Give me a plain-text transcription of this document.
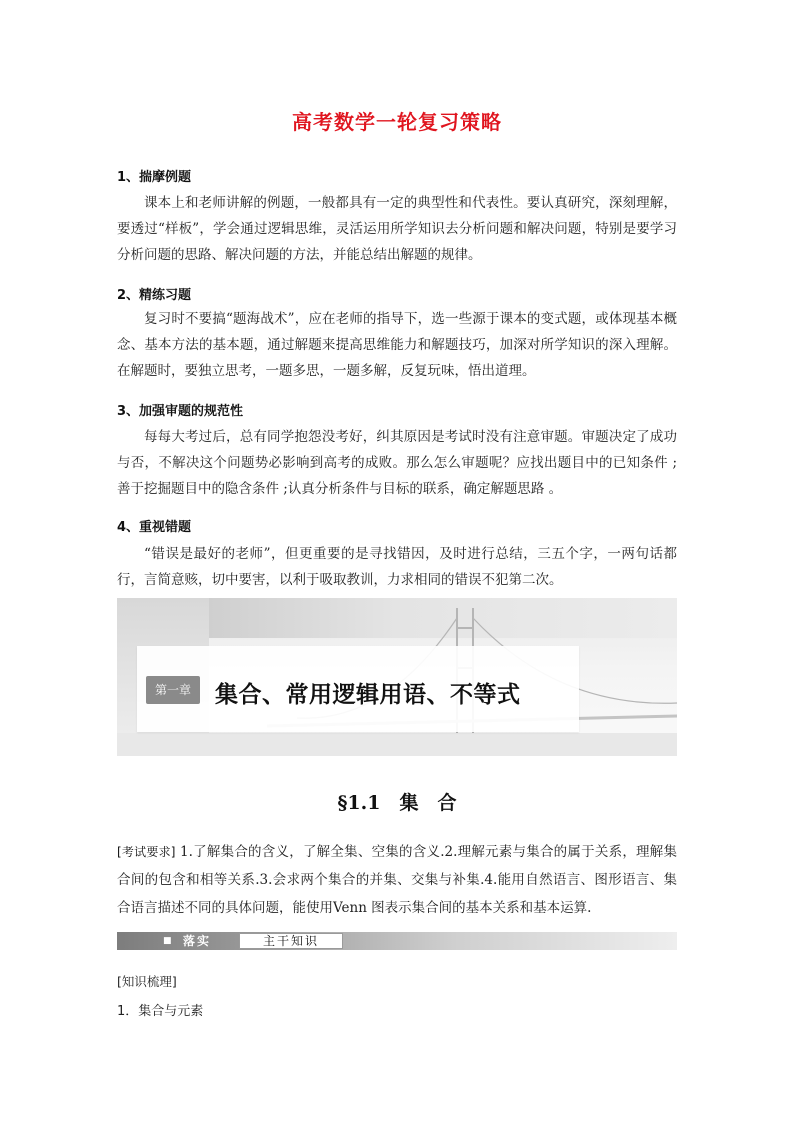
高考数学一轮复习策略
1、揣摩例题
课本上和老师讲解的例题，一般都具有一定的典型性和代表性。要认真研究，深刻理解，要透过“样板”，学会通过逻辑思维，灵活运用所学知识去分析问题和解决问题，特别是要学习分析问题的思路、解决问题的方法，并能总结出解题的规律。
2、精练习题
复习时不要搞“题海战术”，应在老师的指导下，选一些源于课本的变式题，或体现基本概念、基本方法的基本题，通过解题来提高思维能力和解题技巧，加深对所学知识的深入理解。在解题时，要独立思考，一题多思，一题多解，反复玩味，悟出道理。
3、加强审题的规范性
每每大考过后，总有同学抱怨没考好，纠其原因是考试时没有注意审题。审题决定了成功与否，不解决这个问题势必影响到高考的成败。那么怎么审题呢？应找出题目中的已知条件 ;善于挖掘题目中的隐含条件 ;认真分析条件与目标的联系，确定解题思路 。
4、重视错题
“错误是最好的老师”，但更重要的是寻找错因，及时进行总结，三五个字，一两句话都行，言简意赅，切中要害，以利于吸取教训，力求相同的错误不犯第二次。
第一章	集合、常用逻辑用语、不等式
§1.1　集　合
[考试要求] 1.了解集合的含义，了解全集、空集的含义.2.理解元素与集合的属于关系，理解集合间的包含和相等关系.3.会求两个集合的并集、交集与补集.4.能用自然语言、图形语言、集合语言描述不同的具体问题，能使用Venn 图表示集合间的基本关系和基本运算.
■ 落实	主干知识
[知识梳理]
1．集合与元素
